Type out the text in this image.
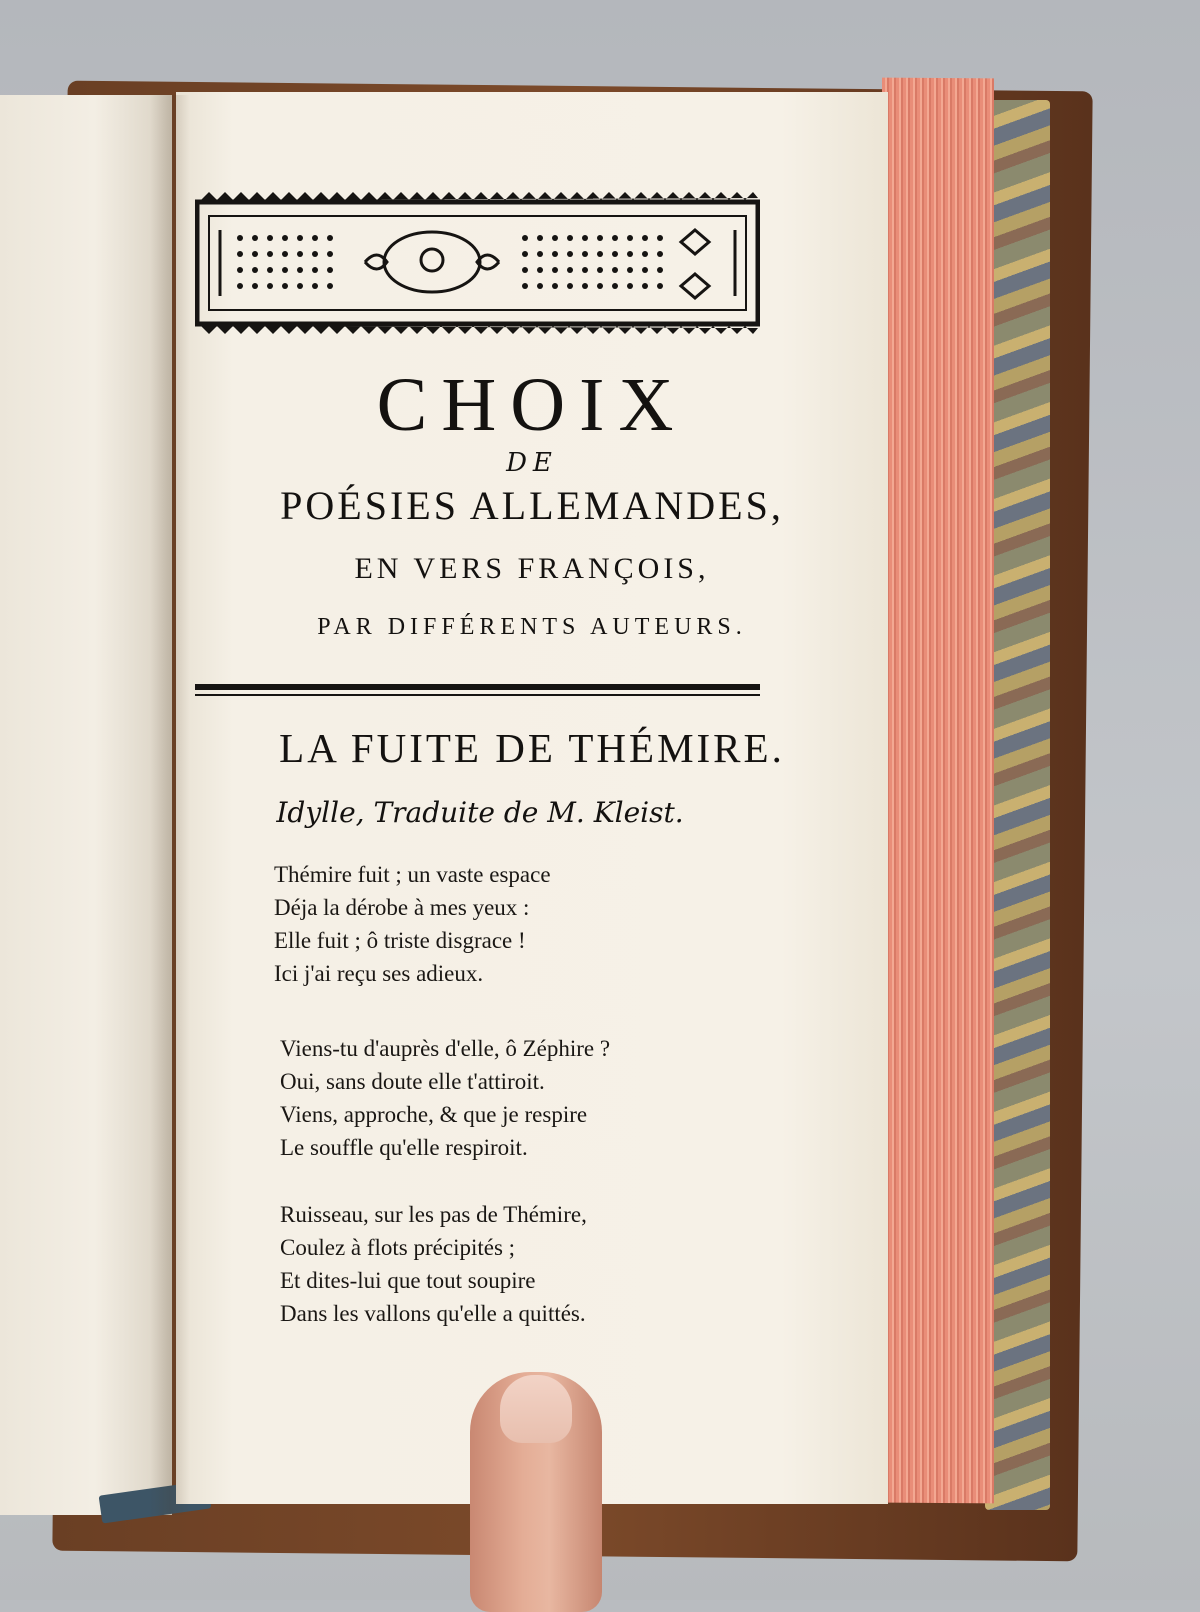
CHOIX
DE
POÉSIES ALLEMANDES,
EN VERS FRANÇOIS,
PAR DIFFÉRENTS AUTEURS.
LA FUITE DE THÉMIRE.
Idylle, Traduite de M. Kleist.
Thémire fuit ; un vaste espace
Déja la dérobe à mes yeux :
Elle fuit ; ô triste disgrace !
Ici j'ai reçu ses adieux.
Viens-tu d'auprès d'elle, ô Zéphire ?
Oui, sans doute elle t'attiroit.
Viens, approche, & que je respire
Le souffle qu'elle respiroit.
Ruisseau, sur les pas de Thémire,
Coulez à flots précipités ;
Et dites-lui que tout soupire
Dans les vallons qu'elle a quittés.
